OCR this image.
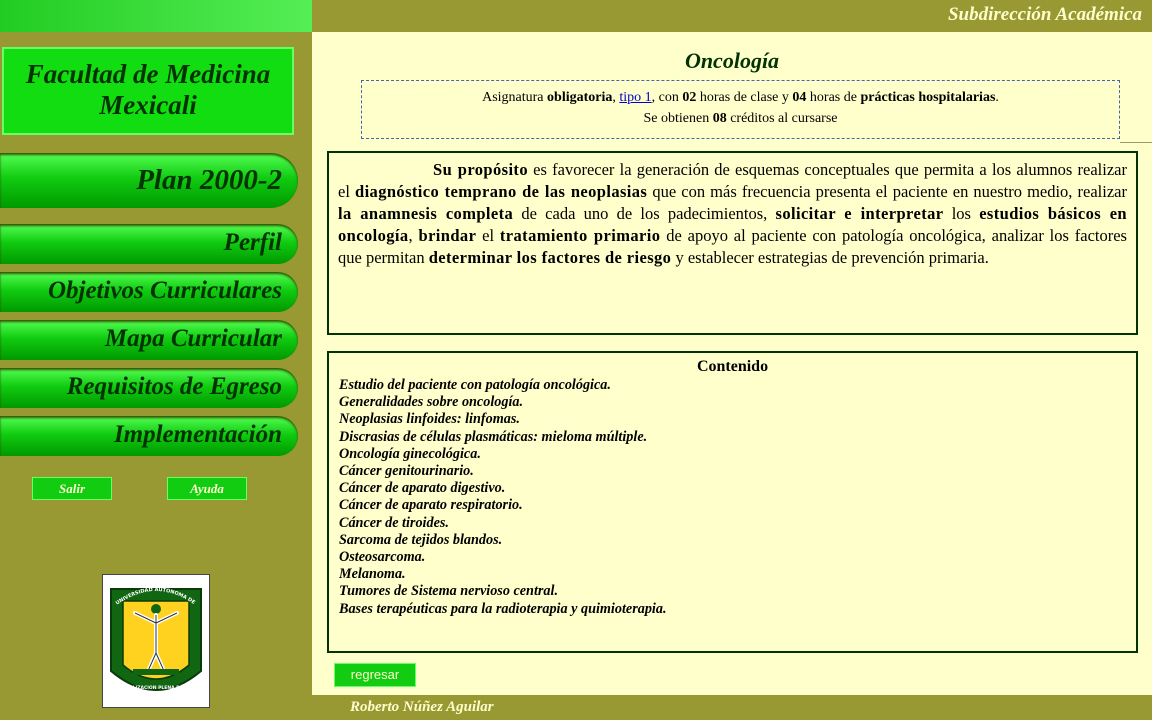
Subdirección Académica
Roberto Núñez Aguilar
Facultad de Medicina
Mexicali
Plan 2000-2
Perfil
Objetivos Curriculares
Mapa Curricular
Requisitos de Egreso
Implementación
Salir	Ayuda
UNIVERSIDAD AUTONOMA DE
POR LA REALIZACION PLENA DEL HOMBRE
Oncología
Asignatura obligatoria, tipo 1, con 02 horas de clase y 04 horas de prácticas hospitalarias.
Se obtienen 08 créditos al cursarse
Su propósito es favorecer la generación de esquemas conceptuales que permita a los alumnos realizar el diagnóstico temprano de las neoplasias que con más frecuencia presenta el paciente en nuestro medio, realizar la anamnesis completa de cada uno de los padecimientos, solicitar e interpretar los estudios básicos en oncología, brindar el tratamiento primario de apoyo al paciente con patología oncológica, analizar los factores que permitan determinar los factores de riesgo y establecer estrategias de prevención primaria.
Contenido
Estudio del paciente con patología oncológica.
Generalidades sobre oncología.
Neoplasias linfoides: linfomas.
Discrasias de células plasmáticas: mieloma múltiple.
Oncología ginecológica.
Cáncer genitourinario.
Cáncer de aparato digestivo.
Cáncer de aparato respiratorio.
Cáncer de tiroides.
Sarcoma de tejidos blandos.
Osteosarcoma.
Melanoma.
Tumores de Sistema nervioso central.
Bases terapéuticas para la radioterapia y quimioterapia.
regresar
